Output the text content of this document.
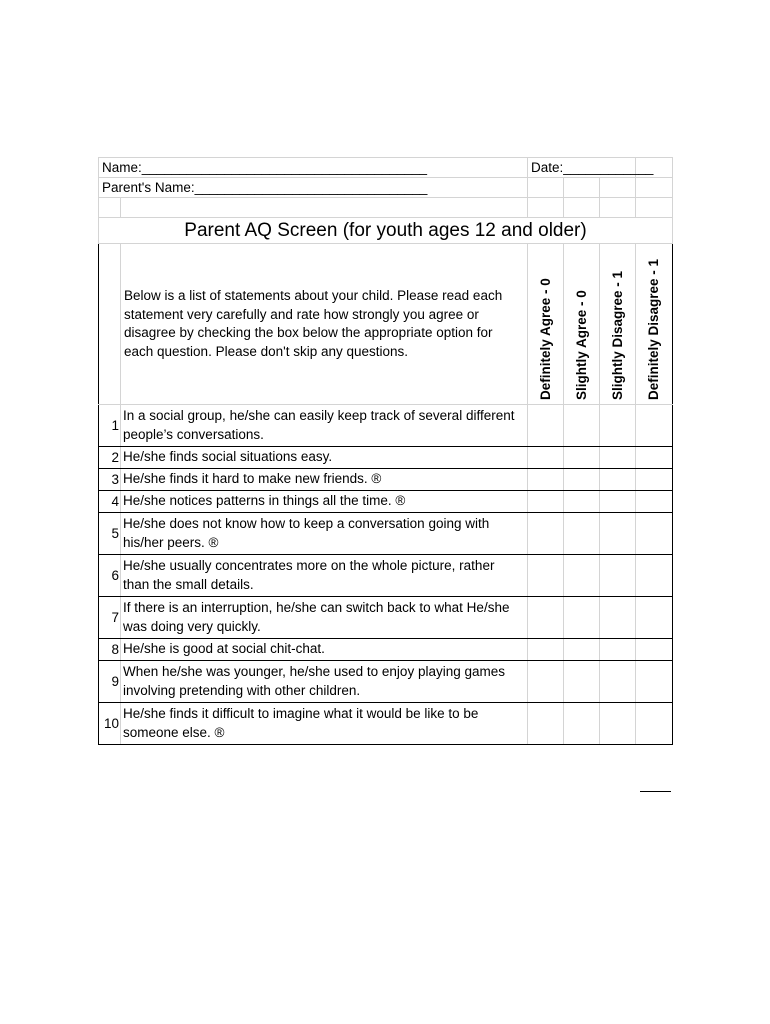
Name:______________________________________		Date:____________			
Parent's Name:_______________________________					

Parent AQ Screen (for youth ages 12 and older)					
	Below is a list of statements about your child. Please read each statement very carefully and rate how strongly you agree or disagree by checking the box below the appropriate option for each question. Please don't skip any questions.	Definitely Agree - 0	Slightly Agree - 0	Slightly Disagree - 1	Definitely Disagree - 1

1	In a social group, he/she can easily keep track of several different people’s conversations.				
2	He/she finds social situations easy.				
3	He/she finds it hard to make new friends. ®				
4	He/she notices patterns in things all the time. ®				
5	He/she does not know how to keep a conversation going with his/her peers. ®				
6	He/she usually concentrates more on the whole picture, rather than the small details.				
7	If there is an interruption, he/she can switch back to what He/she was doing very quickly.				
8	He/she is good at social chit-chat.				
9	When he/she was younger, he/she used to enjoy playing games involving pretending with other children.				
10	He/she finds it difficult to imagine what it would be like to be someone else. ®				
